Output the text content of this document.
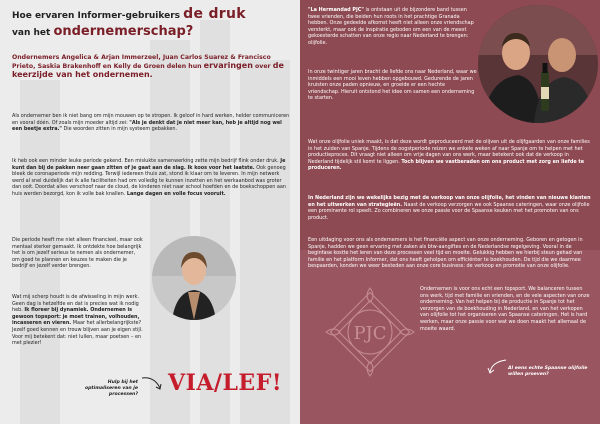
Hoe ervaren Informer-gebruikers de druk
van het ondernemerschap?
Ondernemers Angelica & Arjan Immerzeel, Juan Carlos Suarez & Francisco Prieto, Saskia Brakenhoff en Kelly de Groen delen hun ervaringen over de keerzijde van het ondernemen.
Als ondernemer ben ik niet bang om mijn mouwen op te stropen. Ik geloof in hard werken, helder communiceren en vooral dóén. Of zoals mijn moeder altijd zei: "Als je denkt dat je niet meer kan, heb je altijd nog wel een beetje extra." Die woorden zitten in mijn systeem gebakken.
Ik heb ook een minder leuke periode gekend. Een mislukte samenwerking zette mijn bedrijf flink onder druk. Je kunt dan bij de pakken neer gaan zitten of je gaat aan de slag. Ik koos voor het laatste. Ook genoeg bleek de coronaperiode mijn redding. Terwijl iedereen thuis zat, stond ik klaar om te leveren. In mijn netwerk werd al snel duidelijk dat ik alle faciliteiten had om volledig te kunnen inzetten en het werkaanbod was groter dan ooit. Doordat alles verschoof naar de cloud, de kinderen niet naar school hoefden en de boekschoppen aan huis werden bezorgd, kon ik volle bak knallen. Lange dagen en volle focus vooruit.
Die periode heeft me niet alleen financieel, maar ook mentaal sterker gemaakt. Ik ontdekte hoe belangrijk het is om jezelf serieus te nemen als ondernemer, om goed te plannen en keuzes te maken die je bedrijf en jezelf verder brengen.
Wat mij scherp houdt is de afwisseling in mijn werk. Geen dag is hetzelfde en dat is precies wat ik nodig heb. Ik floreer bij dynamiek. Ondernemen is gewoon topsport: je moet trainen, volhouden, incasseren en vieren. Maar het allerbelangrijkste? Jezelf goed kennen en trouw blijven aan je eigen stijl. Voor mij betekent dat: niet lullen, maar poetsen – en met plezier!
Hulp bij het optimaliseren van je processen? VIA/LEF!
"La Hermandad PJC" is ontstaan uit de bijzondere band tussen twee vrienden, die beiden hun roots in het prachtige Granada hebben. Onze gedeelde afkomst heeft niet alleen onze vriendschap versterkt, maar ook de inspiratie geboden om een van de meest gekoesterde schatten van onze regio naar Nederland te brengen: olijfolie.
In onze twintiger jaren bracht de liefde ons naar Nederland, waar we inmiddels een mooi leven hebben opgebouwd. Gedurende de jaren kruisten onze paden opnieuw, en groeide er een hechte vriendschap. Hieruit ontstond het idee om samen een onderneming te starten.
Wat onze olijfolie uniek maakt, is dat deze wordt geproduceerd met de olijven uit de olijfgaarden van onze families in het zuiden van Spanje. Tijdens de oogstperiode reizen we enkele weken af naar Spanje om te helpen met het productieproces. Dit vraagt niet alleen om vrije dagen van ons werk, maar betekent ook dat de verkoop in Nederland tijdelijk stil komt te liggen. Toch blijven we vastberaden om ons product met zorg en liefde te produceren.
In Nederland zijn we wekelijks bezig met de verkoop van onze olijfolie, het vinden van nieuwe klanten en het uitwerken van strategieën. Naast de verkoop verzorgen we ook Spaanse cateringen, waar onze olijfolie een prominente rol speelt. Zo combineren we onze passie voor de Spaanse keuken met het promoten van ons product.
Een uitdaging voor ons als ondernemers is het financiële aspect van onze onderneming. Geboren en getogen in Spanje, hadden we geen ervaring met zaken als btw-aangiftes en de Nederlandse regelgeving. Vooral in de beginfase kostte het leren van deze processen veel tijd en moeite. Gelukkig hebben we hierbij steun gehad van familie en het platform Informer, dat ons heeft geholpen om efficiënter te boekhouden. De tijd die we daarmee bespaarden, konden we weer besteden aan onze core business: de verkoop en promotie van onze olijfolie.
Ondernemen is voor ons echt een topsport. We balanceren tussen ons werk, tijd met familie en vrienden, en de vele aspecten van onze onderneming. Van het helpen bij de productie in Spanje tot het verzorgen van de boekhouding in Nederland, en van het verkopen van olijfolie tot het organiseren van Spaanse cateringen. Het is hard werken, maar onze passie voor wat we doen maakt het allemaal de moeite waard.
PJC
Al eens echte Spaanse olijfolie willen proeven?
